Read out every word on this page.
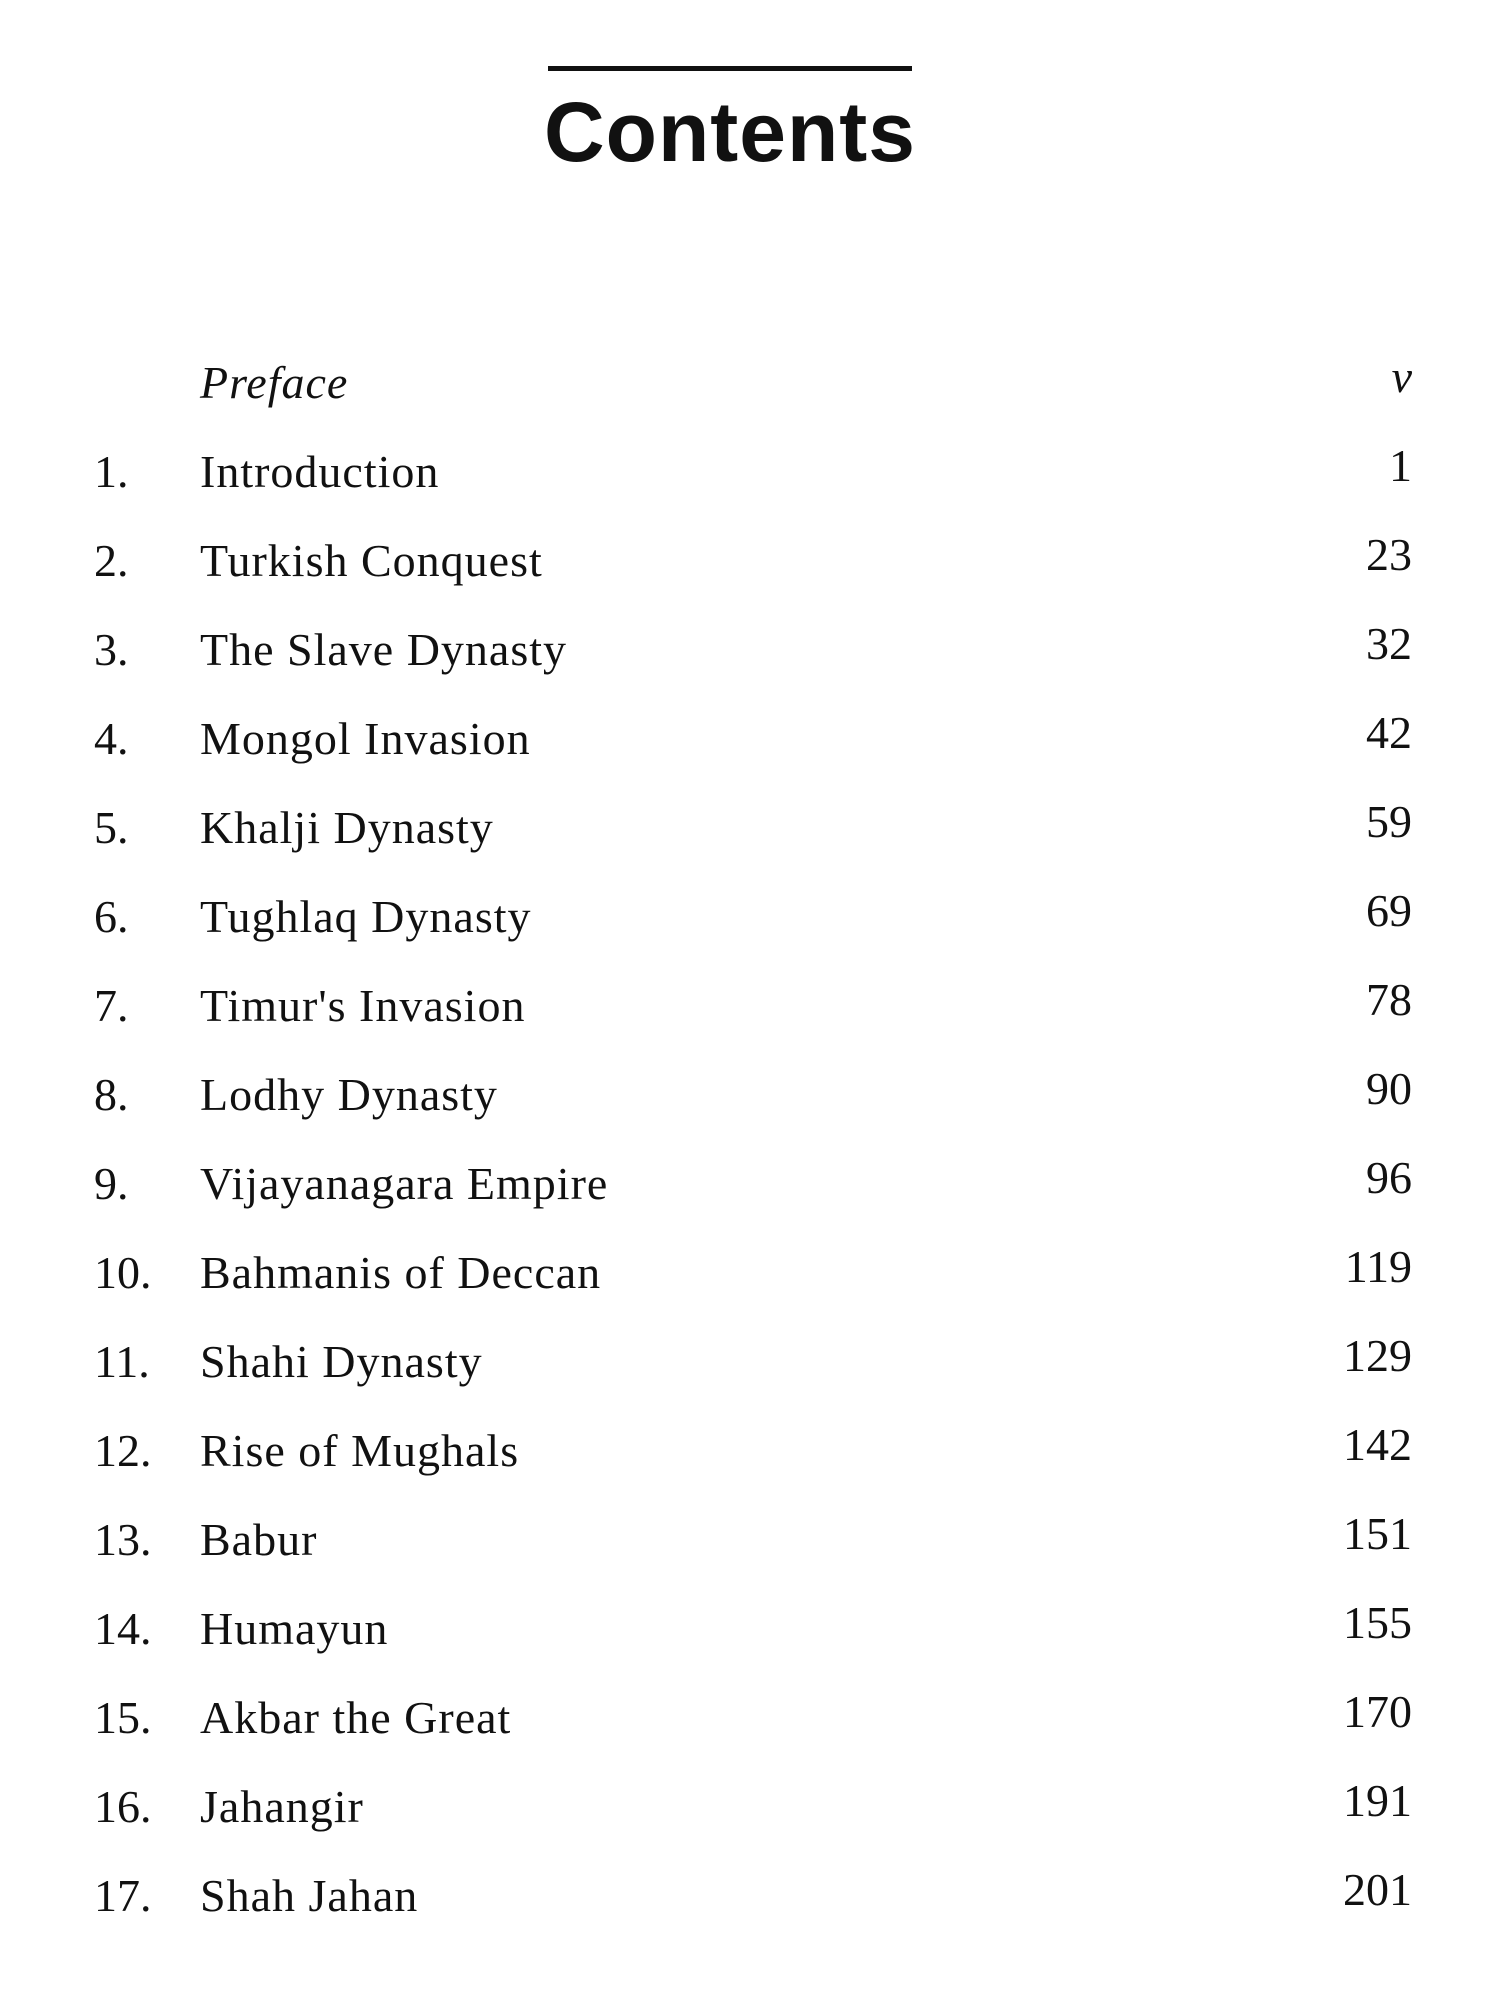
Contents
Preface	v
1.	Introduction	1
2.	Turkish Conquest	23
3.	The Slave Dynasty	32
4.	Mongol Invasion	42
5.	Khalji Dynasty	59
6.	Tughlaq Dynasty	69
7.	Timur's Invasion	78
8.	Lodhy Dynasty	90
9.	Vijayanagara Empire	96
10.	Bahmanis of Deccan	119
11.	Shahi Dynasty	129
12.	Rise of Mughals	142
13.	Babur	151
14.	Humayun	155
15.	Akbar the Great	170
16.	Jahangir	191
17.	Shah Jahan	201
